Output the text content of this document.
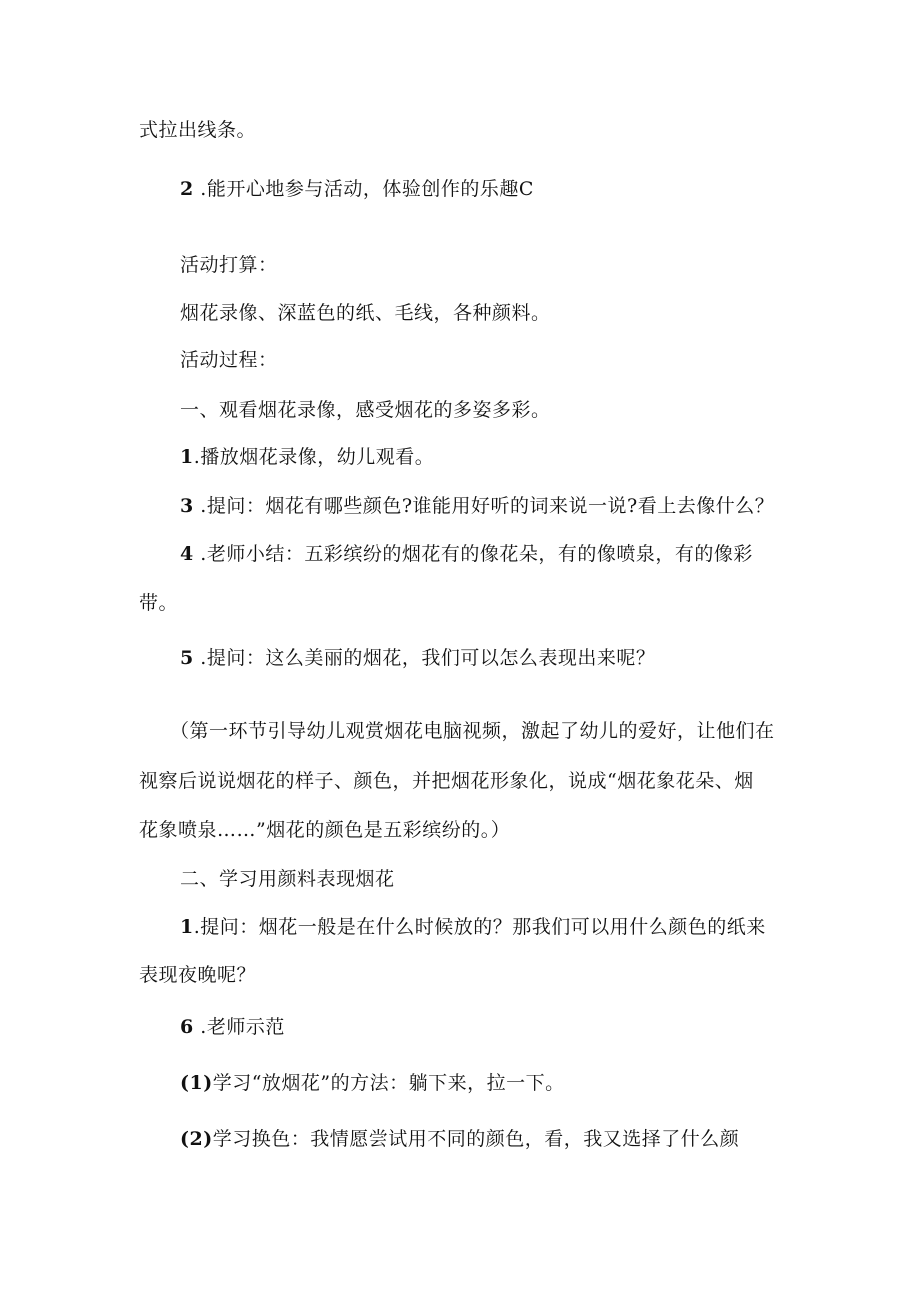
式拉出线条。
2 .能开心地参与活动，体验创作的乐趣C
活动打算：
烟花录像、深蓝色的纸、毛线，各种颜料。
活动过程：
一、观看烟花录像，感受烟花的多姿多彩。
1.播放烟花录像，幼儿观看。
3 .提问：烟花有哪些颜色?谁能用好听的词来说一说?看上去像什么？
4 .老师小结：五彩缤纷的烟花有的像花朵，有的像喷泉，有的像彩
带。
5 .提问：这么美丽的烟花，我们可以怎么表现出来呢？
（第一环节引导幼儿观赏烟花电脑视频，激起了幼儿的爱好，让他们在
视察后说说烟花的样子、颜色，并把烟花形象化，说成“烟花象花朵、烟
花象喷泉……”烟花的颜色是五彩缤纷的。）
二、学习用颜料表现烟花
1.提问：烟花一般是在什么时候放的？那我们可以用什么颜色的纸来
表现夜晚呢？
6 .老师示范
(1)学习“放烟花”的方法：躺下来，拉一下。
(2)学习换色：我情愿尝试用不同的颜色，看，我又选择了什么颜
